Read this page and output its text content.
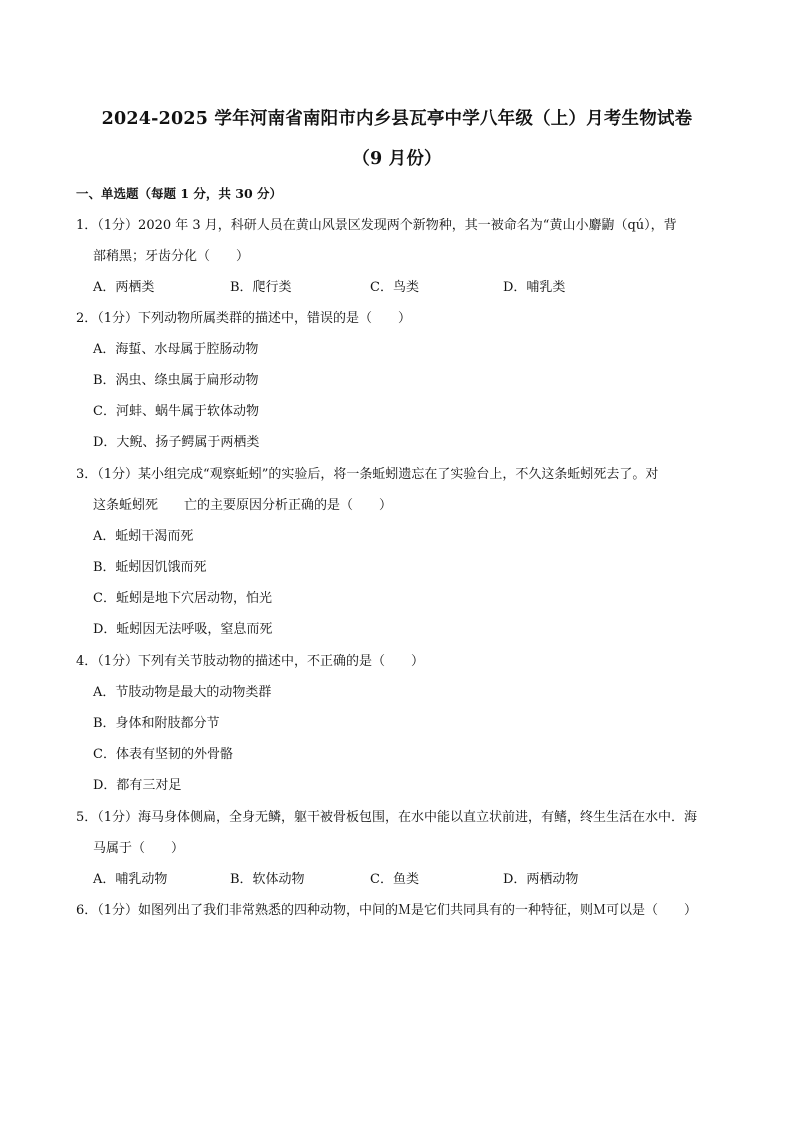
2024-2025 学年河南省南阳市内乡县瓦亭中学八年级（上）月考生物试卷
（9 月份）
一、单选题（每题 1 分，共 30 分）
1．（1分）2020 年 3 月，科研人员在黄山风景区发现两个新物种，其一被命名为“黄山小麝鼩（qú），背
部稍黑；牙齿分化（　　）
A．两栖类	B．爬行类	C．鸟类	D．哺乳类
2．（1分）下列动物所属类群的描述中，错误的是（　　）
A．海蜇、水母属于腔肠动物
B．涡虫、绦虫属于扁形动物
C．河蚌、蜗牛属于软体动物
D．大鲵、扬子鳄属于两栖类
3．（1分）某小组完成“观察蚯蚓”的实验后，将一条蚯蚓遗忘在了实验台上，不久这条蚯蚓死去了。对
这条蚯蚓死 亡的主要原因分析正确的是（　　）
A．蚯蚓干渴而死
B．蚯蚓因饥饿而死
C．蚯蚓是地下穴居动物，怕光
D．蚯蚓因无法呼吸，窒息而死
4．（1分）下列有关节肢动物的描述中，不正确的是（　　）
A．节肢动物是最大的动物类群
B．身体和附肢都分节
C．体表有坚韧的外骨骼
D．都有三对足
5．（1分）海马身体侧扁，全身无鳞，躯干被骨板包围，在水中能以直立状前进，有鳍，终生生活在水中．海
马属于（　　）
A．哺乳动物	B．软体动物	C．鱼类	D．两栖动物
6．（1分）如图列出了我们非常熟悉的四种动物，中间的Ｍ是它们共同具有的一种特征，则Ｍ可以是（　　）
